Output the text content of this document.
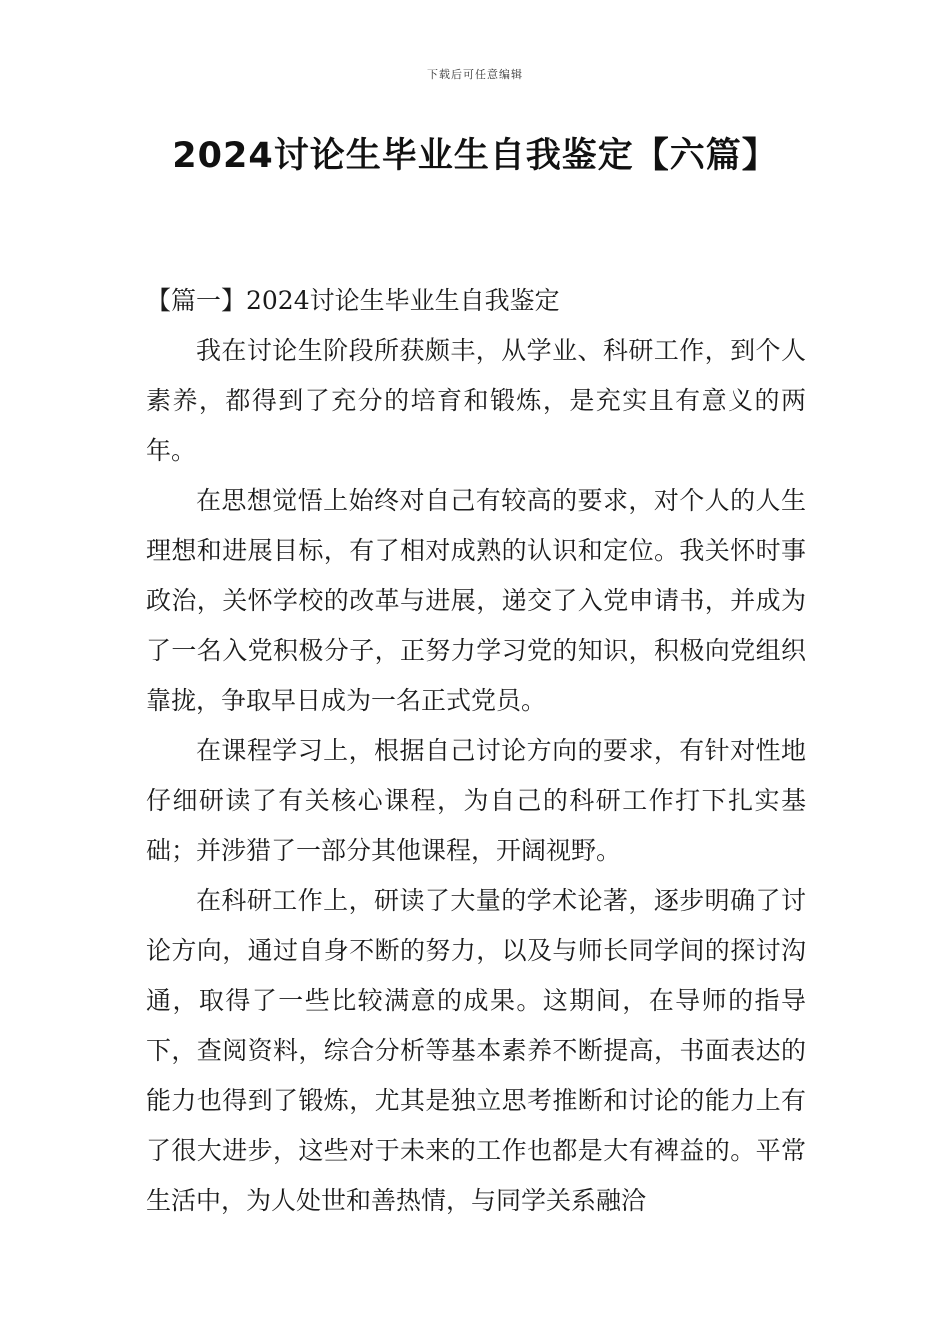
下载后可任意编辑
2024讨论生毕业生自我鉴定【六篇】
【篇一】2024讨论生毕业生自我鉴定

我在讨论生阶段所获颇丰，从学业、科研工作，到个人素养，都得到了充分的培育和锻炼，是充实且有意义的两年。

在思想觉悟上始终对自己有较高的要求，对个人的人生理想和进展目标，有了相对成熟的认识和定位。我关怀时事政治，关怀学校的改革与进展，递交了入党申请书，并成为了一名入党积极分子，正努力学习党的知识，积极向党组织靠拢，争取早日成为一名正式党员。

在课程学习上，根据自己讨论方向的要求，有针对性地仔细研读了有关核心课程，为自己的科研工作打下扎实基础；并涉猎了一部分其他课程，开阔视野。

在科研工作上，研读了大量的学术论著，逐步明确了讨论方向，通过自身不断的努力，以及与师长同学间的探讨沟通，取得了一些比较满意的成果。这期间，在导师的指导下，查阅资料，综合分析等基本素养不断提高，书面表达的能力也得到了锻炼，尤其是独立思考推断和讨论的能力上有了很大进步，这些对于未来的工作也都是大有裨益的。平常生活中，为人处世和善热情，与同学关系融洽
